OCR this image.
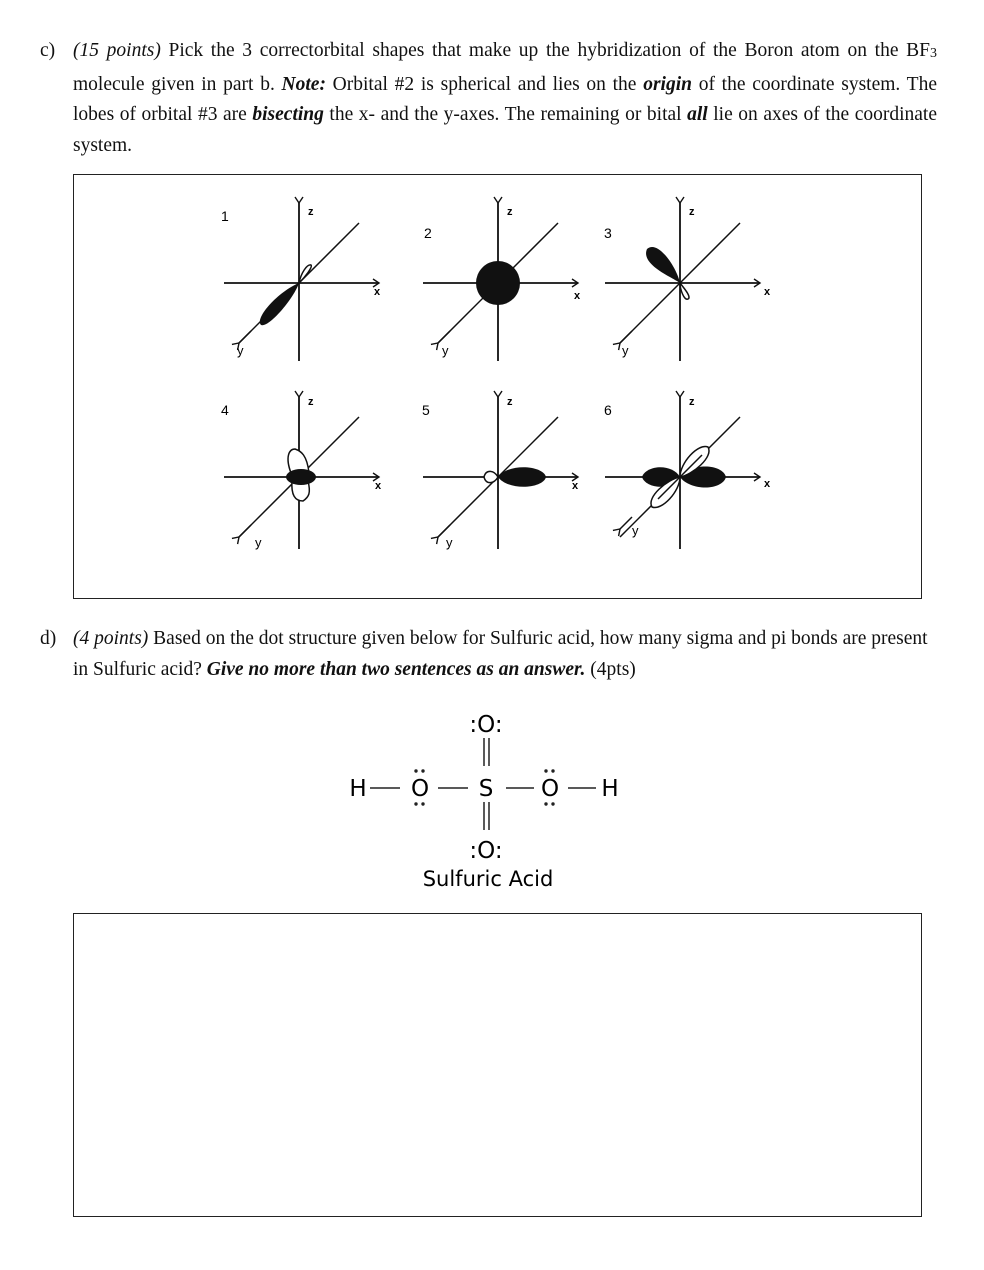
c) (15 points) Pick the 3 correctorbital shapes that make up the hybridization of the Boron atom on the $BF_3$ molecule given in part b. Note: Orbital #2 is spherical and lies on the origin of the coordinate system. The lobes of orbital #3 are bisecting the x- and the y-axes. The remaining or bital all lie on axes of the coordinate system.
1	z
x
y
2
z
x
y
3
z
x
y
4	z
x
y
5	z
x
y
6	z
x
y
d) (4 points) Based on the dot structure given below for Sulfuric acid, how many sigma and pi bonds are present in Sulfuric acid? Give no more than two sentences as an answer. (4pts)
:O:
H O S O H
:O:
Sulfuric Acid
